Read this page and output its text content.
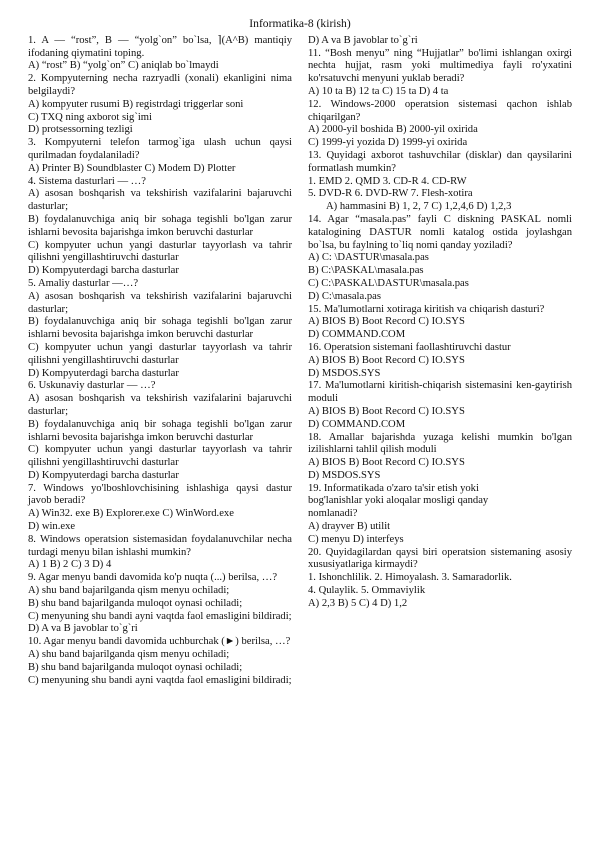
Informatika-8 (kirish)
1. A — “rost”, B — “yolg`on” bo`lsa, ⌉(A^B) mantiqiy ifodaning qiymatini toping.
A) “rost” B) “yolg`on” C) aniqlab bo`lmaydi
2. Kompyuterning necha razryadli (xonali) ekanligini nima belgilaydi?
A) kompyuter rusumi B) registrdagi triggerlar soni
C) TXQ ning axborot sig`imi
D) protsessorning tezligi
3. Kompyuterni telefon tarmog`iga ulash uchun qaysi qurilmadan foydalaniladi?
A) Printer B) Soundblaster C) Modem D) Plotter
4. Sistema dasturlari — …?
A) asosan boshqarish va tekshirish vazifalarini bajaruvchi dasturlar;
B) foydalanuvchiga aniq bir sohaga tegishli bo'lgan zarur ishlarni bevosita bajarishga imkon beruvchi dasturlar
C) kompyuter uchun yangi dasturlar tayyorlash va tahrir qilishni yengillashtiruvchi dasturlar
D) Kompyuterdagi barcha dasturlar
5. Amaliy dasturlar —…?
A) asosan boshqarish va tekshirish vazifalarini bajaruvchi dasturlar;
B) foydalanuvchiga aniq bir sohaga tegishli bo'lgan zarur ishlarni bevosita bajarishga imkon beruvchi dasturlar
C) kompyuter uchun yangi dasturlar tayyorlash va tahrir qilishni yengillashtiruvchi dasturlar
D) Kompyuterdagi barcha dasturlar
6. Uskunaviy dasturlar — …?
A) asosan boshqarish va tekshirish vazifalarini bajaruvchi dasturlar;
B) foydalanuvchiga aniq bir sohaga tegishli bo'lgan zarur ishlarni bevosita bajarishga imkon beruvchi dasturlar
C) kompyuter uchun yangi dasturlar tayyorlash va tahrir qilishni yengillashtiruvchi dasturlar
D) Kompyuterdagi barcha dasturlar
7. Windows yo'lboshlovchisining ishlashiga qaysi dastur javob beradi?
A) Win32. exe B) Explorer.exe C) WinWord.exe
D) win.exe
8. Windows operatsion sistemasidan foydalanuvchilar necha turdagi menyu bilan ishlashi mumkin?
A) 1 B) 2 C) 3 D) 4
9. Agar menyu bandi davomida ko'p nuqta (...) berilsa, …?
A) shu band bajarilganda qism menyu ochiladi;
B) shu band bajarilganda muloqot oynasi ochiladi;
C) menyuning shu bandi ayni vaqtda faol emasligini bildiradi;
D) A va B javoblar to`g`ri
10. Agar menyu bandi davomida uchburchak (►) berilsa, …?
A) shu band bajarilganda qism menyu ochiladi;
B) shu band bajarilganda muloqot oynasi ochiladi;
C) menyuning shu bandi ayni vaqtda faol emasligini bildiradi;
D) A va B javoblar to`g`ri
11. “Bosh menyu” ning “Hujjatlar” bo'limi ishlangan oxirgi nechta hujjat, rasm yoki multimediya fayli ro'yxatini ko'rsatuvchi menyuni yuklab beradi?
A) 10 ta B) 12 ta C) 15 ta D) 4 ta
12. Windows-2000 operatsion sistemasi qachon ishlab chiqarilgan?
A) 2000-yil boshida B) 2000-yil oxirida
C) 1999-yi yozida D) 1999-yi oxirida
13. Quyidagi axborot tashuvchilar (disklar) dan qaysilarini formatlash mumkin?
1. EMD 2. QMD 3. CD-R 4. CD-RW
5. DVD-R 6. DVD-RW 7. Flesh-xotira
A) hammasini B) 1, 2, 7 C) 1,2,4,6 D) 1,2,3
14. Agar “masala.pas” fayli C diskning PASKAL nomli katalogining DASTUR nomli katalog ostida joylashgan bo`lsa, bu faylning to`liq nomi qanday yoziladi?
A) C: \DASTUR\masala.pas
B) C:\PASKAL\masala.pas
C) C:\PASKAL\DASTUR\masala.pas
D) C:\masala.pas
15. Ma'lumotlarni xotiraga kiritish va chiqarish dasturi?
A) BIOS B) Boot Record C) IO.SYS
D) COMMAND.COM
16. Operatsion sistemani faollashtiruvchi dastur
A) BIOS B) Boot Record C) IO.SYS
D) MSDOS.SYS
17. Ma'lumotlarni kiritish-chiqarish sistemasini ken-gaytirish moduli
A) BIOS B) Boot Record C) IO.SYS
D) COMMAND.COM
18. Amallar bajarishda yuzaga kelishi mumkin bo'lgan izilishlarni tahlil qilish moduli
A) BIOS B) Boot Record C) IO.SYS
D) MSDOS.SYS
19. Informatikada o'zaro ta'sir etish yoki
bog'lanishlar yoki aloqalar mosligi qanday
nomlanadi?
A) drayver B) utilit
C) menyu D) interfeys
20. Quyidagilardan qaysi biri operatsion sistemaning asosiy xususiyatlariga kirmaydi?
1. Ishonchlilik. 2. Himoyalash. 3. Samaradorlik.
4. Qulaylik. 5. Ommaviylik
A) 2,3 B) 5 C) 4 D) 1,2
